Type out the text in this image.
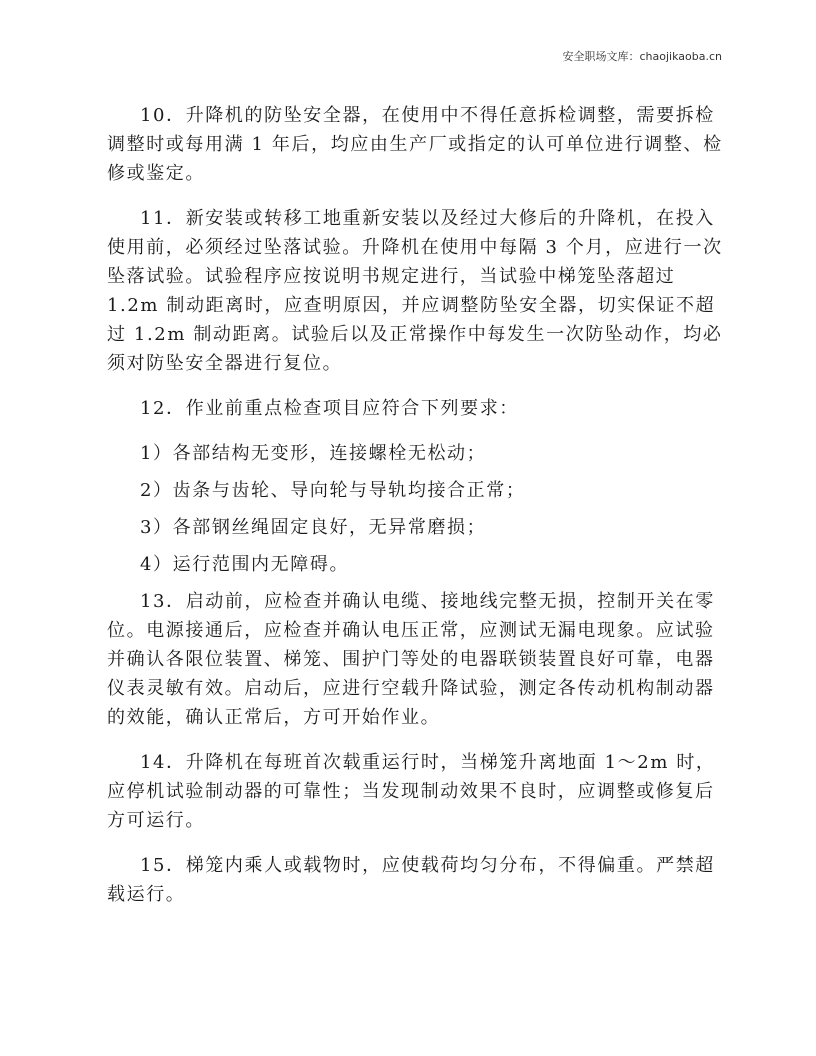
安全职场文库：chaojikaoba.cn
10．升降机的防坠安全器，在使用中不得任意拆检调整，需要拆检
调整时或每用满 1 年后，均应由生产厂或指定的认可单位进行调整、检
修或鉴定。
11．新安装或转移工地重新安装以及经过大修后的升降机，在投入
使用前，必须经过坠落试验。升降机在使用中每隔 3 个月，应进行一次
坠落试验。试验程序应按说明书规定进行，当试验中梯笼坠落超过
1.2m 制动距离时，应查明原因，并应调整防坠安全器，切实保证不超
过 1.2m 制动距离。试验后以及正常操作中每发生一次防坠动作，均必
须对防坠安全器进行复位。
12．作业前重点检查项目应符合下列要求：
1）各部结构无变形，连接螺栓无松动；
2）齿条与齿轮、导向轮与导轨均接合正常；
3）各部钢丝绳固定良好，无异常磨损；
4）运行范围内无障碍。
13．启动前，应检查并确认电缆、接地线完整无损，控制开关在零
位。电源接通后，应检查并确认电压正常，应测试无漏电现象。应试验
并确认各限位装置、梯笼、围护门等处的电器联锁装置良好可靠，电器
仪表灵敏有效。启动后，应进行空载升降试验，测定各传动机构制动器
的效能，确认正常后，方可开始作业。
14．升降机在每班首次载重运行时，当梯笼升离地面 1～2m 时，
应停机试验制动器的可靠性；当发现制动效果不良时，应调整或修复后
方可运行。
15．梯笼内乘人或载物时，应使载荷均匀分布，不得偏重。严禁超
载运行。
